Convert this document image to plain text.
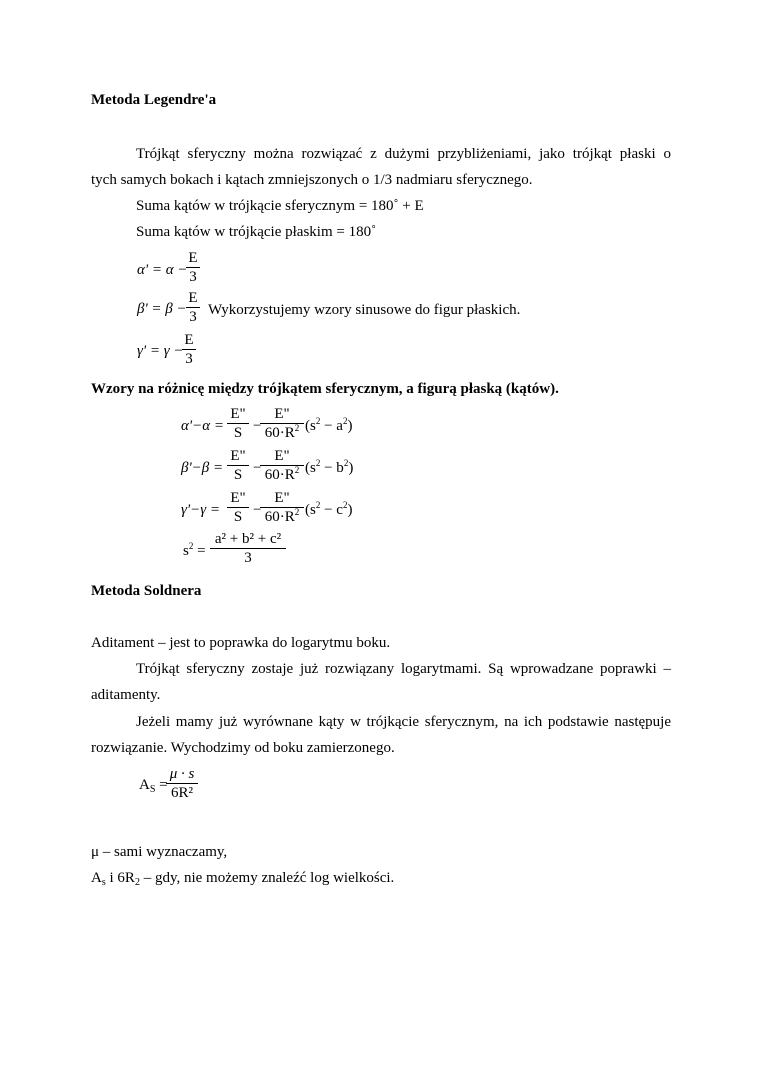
Metoda Legendre'a
Trójkąt sferyczny można rozwiązać z dużymi przybliżeniami, jako trójkąt płaski o
tych samych bokach i kątach zmniejszonych o 1/3 nadmiaru sferycznego.
Suma kątów w trójkącie sferycznym = 180˚ + E
Suma kątów w trójkącie płaskim = 180˚
α' = α −
E
3
β' = β −
E
3 Wykorzystujemy wzory sinusowe do figur płaskich.
γ' = γ −
E
3
Wzory na różnicę między trójkątem sferycznym, a figurą płaską (kątów).
α'−α =
E"
S −
E"
$60\cdot R^2$ $(s^2 - a^2)$
β'−β =
E"
S −
E"
$60\cdot R^2$ $(s^2 - b^2)$
γ'−γ =
E"
S −
E"
$60\cdot R^2$ $(s^2 - c^2)$
$s^2$ =
a² + b² + c²
3
Metoda Soldnera
Aditament – jest to poprawka do logarytmu boku.
Trójkąt sferyczny zostaje już rozwiązany logarytmami. Są wprowadzane poprawki –
aditamenty.
Jeżeli mamy już wyrównane kąty w trójkącie sferycznym, na ich podstawie następuje
rozwiązanie. Wychodzimy od boku zamierzonego.
$A_S$ =
μ · s
6R²
μ – sami wyznaczamy,
$A_s$ i $6R_2$ – gdy, nie możemy znaleźć log wielkości.
